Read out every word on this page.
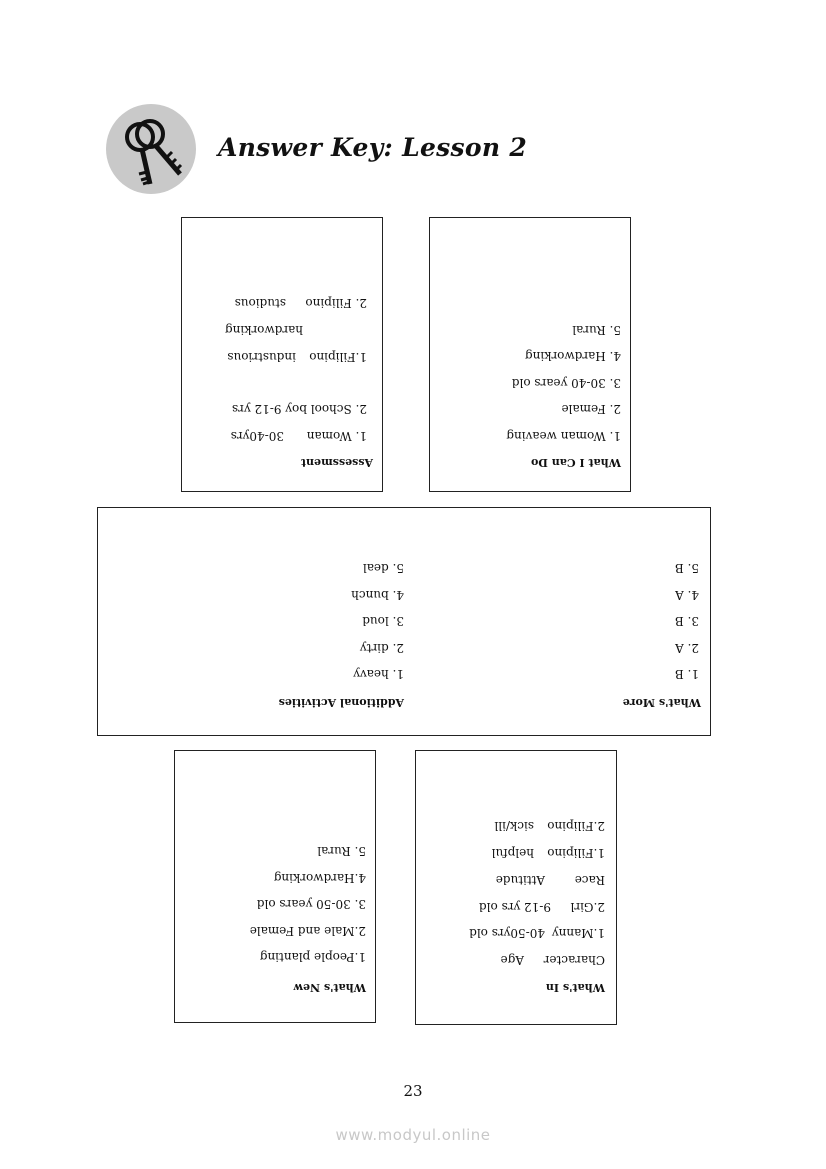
Answer Key: Lesson 2
Assessment
1. Woman
30-40yrs
2. School boy 9-12 yrs
1.Filipino
industrious
hardworking
2. Filipino
studious
What I Can Do
1. Woman weaving
2. Female
3. 30-40 years old
4. Hardworking
5. Rural
What's More
1. B
2. A
3. B
4. A
5. B
Additional Activities
1. heavy
2. dirty
3. loud
4. bunch
5. deal
What's New
1.People planting
2.Male and Female
3. 30-50 years old
4.Hardworking
5. Rural
What's In
Character
Age
1.Manny
40-50yrs old
2.Girl
9-12 yrs old
Race
Attitude
1.Filipino
helpful
2.Filipino
sick/ill
23
www.modyul.online
